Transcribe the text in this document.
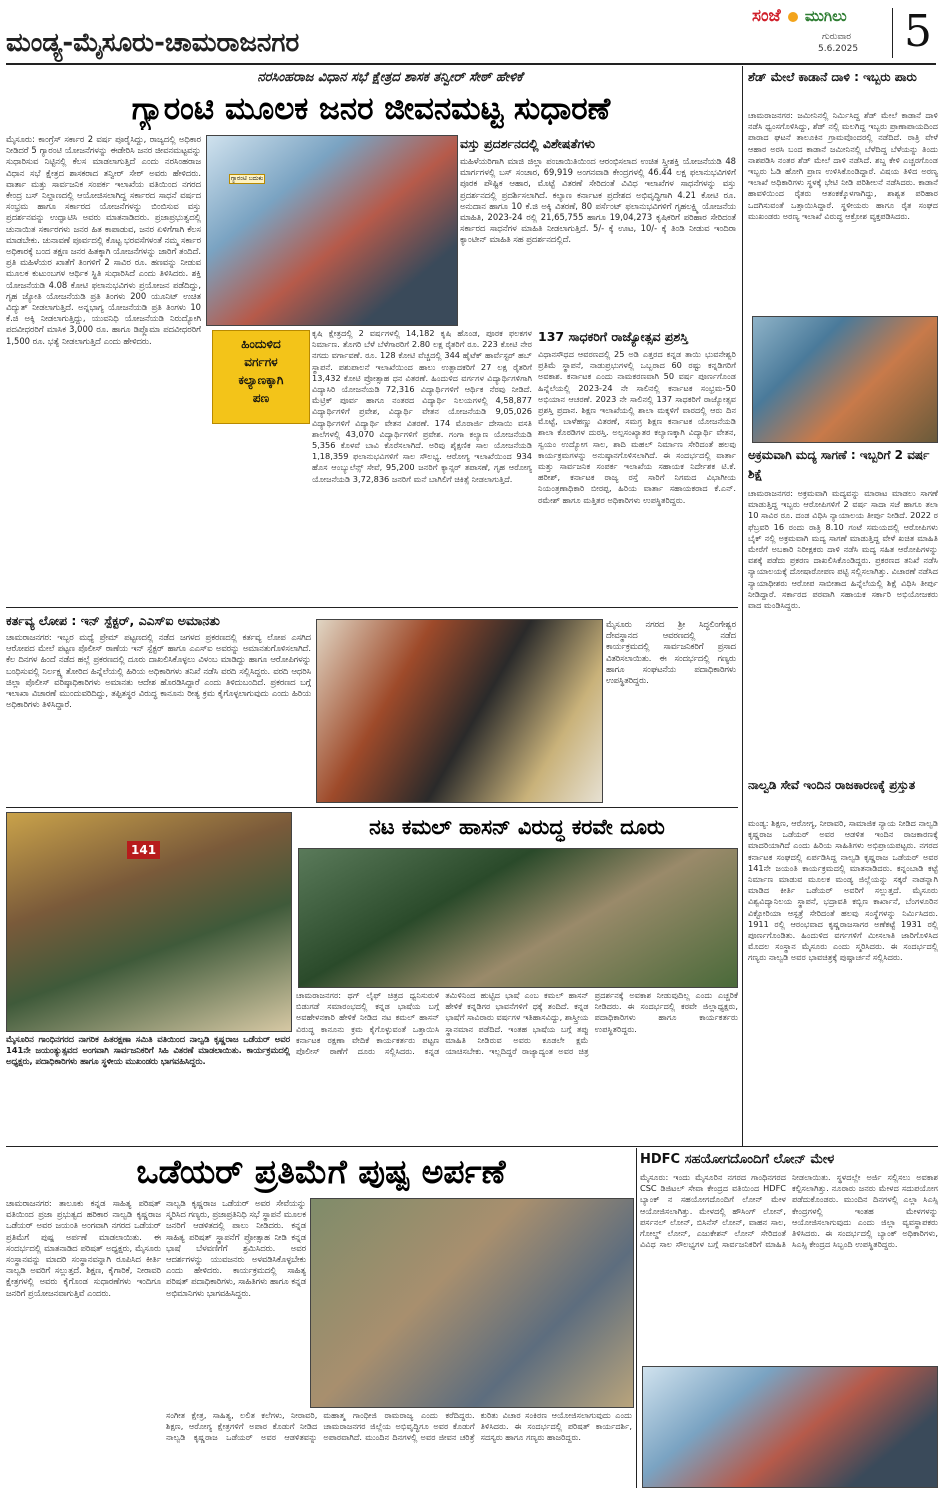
ಮಂಡ್ಯ-ಮೈಸೂರು-ಚಾಮರಾಜನಗರ
ಸಂಜೆ ಮುಗಿಲು
ಗುರುವಾರ
5.6.2025 5
ನರಸಿಂಹರಾಜ ವಿಧಾನ ಸಭೆ ಕ್ಷೇತ್ರದ ಶಾಸಕ ತನ್ವೀರ್ ಸೇಠ್ ಹೇಳಿಕೆ
ಗ್ಯಾರಂಟಿ ಮೂಲಕ ಜನರ ಜೀವನಮಟ್ಟ ಸುಧಾರಣೆ
ಮೈಸೂರು: ಕಾಂಗ್ರೆಸ್ ಸರ್ಕಾರ 2 ವರ್ಷ ಪೂರೈಸಿದ್ದು, ರಾಜ್ಯದಲ್ಲಿ ಅಧಿಕಾರ ನೀಡಿದರೆ 5 ಗ್ಯಾರಂಟಿ ಯೋಜನೆಗಳನ್ನು ಈಡೇರಿಸಿ ಜನರ ಜೀವನಮಟ್ಟವನ್ನು ಸುಧಾರಿಸುವ ನಿಟ್ಟಿನಲ್ಲಿ ಕೆಲಸ ಮಾಡಲಾಗುತ್ತಿದೆ ಎಂದು ನರಸಿಂಹರಾಜ ವಿಧಾನ ಸಭೆ ಕ್ಷೇತ್ರದ ಶಾಸಕರಾದ ತನ್ವೀರ್ ಸೇಠ್ ಅವರು ಹೇಳಿದರು. ವಾರ್ತಾ ಮತ್ತು ಸಾರ್ವಜನಿಕ ಸಂಪರ್ಕ ಇಲಾಖೆಯ ವತಿಯಿಂದ ನಗರದ ಕೇಂದ್ರ ಬಸ್ ನಿಲ್ದಾಣದಲ್ಲಿ ಆಯೋಜಿಸಲಾಗಿದ್ದ ಸರ್ಕಾರದ ಸಾಧನೆ ವರ್ಷದ ಸಂಭ್ರಮ ಹಾಗೂ ಸರ್ಕಾರದ ಯೋಜನೆಗಳನ್ನು ಬಿಂಬಿಸುವ ವಸ್ತು ಪ್ರದರ್ಶನವನ್ನು ಉದ್ಘಾಟಿಸಿ ಅವರು ಮಾತನಾಡಿದರು. ಪ್ರಜಾಪ್ರಭುತ್ವದಲ್ಲಿ ಚುನಾಯಿತ ಸರ್ಕಾರಗಳು ಜನರ ಹಿತ ಕಾಪಾಡುವ, ಜನರ ಏಳಿಗೆಗಾಗಿ ಕೆಲಸ ಮಾಡಬೇಕು. ಚುನಾವಣೆ ಪೂರ್ವದಲ್ಲಿ ಕೊಟ್ಟ ಭರವಸೆಗಳಂತೆ ನಮ್ಮ ಸರ್ಕಾರ ಅಧಿಕಾರಕ್ಕೆ ಬಂದ ತಕ್ಷಣ ಜನರ ಹಿತಕ್ಕಾಗಿ ಯೋಜನೆಗಳನ್ನು ಜಾರಿಗೆ ತಂದಿದೆ. ಪ್ರತಿ ಮಹಿಳೆಯರ ಖಾತೆಗೆ ತಿಂಗಳಿಗೆ 2 ಸಾವಿರ ರೂ. ಹಣವನ್ನು ನೀಡುವ ಮೂಲಕ ಕುಟುಂಬಗಳ ಆರ್ಥಿಕ ಸ್ಥಿತಿ ಸುಧಾರಿಸಿದೆ ಎಂದು ತಿಳಿಸಿದರು. ಶಕ್ತಿ ಯೋಜನೆಯಡಿ 4.08 ಕೋಟಿ ಫಲಾನುಭವಿಗಳು ಪ್ರಯೋಜನ ಪಡೆದಿದ್ದು, ಗೃಹ ಜ್ಯೋತಿ ಯೋಜನೆಯಡಿ ಪ್ರತಿ ತಿಂಗಳು 200 ಯೂನಿಟ್ ಉಚಿತ ವಿದ್ಯುತ್ ನೀಡಲಾಗುತ್ತಿದೆ. ಅನ್ನಭಾಗ್ಯ ಯೋಜನೆಯಡಿ ಪ್ರತಿ ತಿಂಗಳು 10 ಕೆ.ಜಿ ಅಕ್ಕಿ ನೀಡಲಾಗುತ್ತಿದ್ದು, ಯುವನಿಧಿ ಯೋಜನೆಯಡಿ ನಿರುದ್ಯೋಗಿ ಪದವೀಧರರಿಗೆ ಮಾಸಿಕ 3,000 ರೂ. ಹಾಗೂ ಡಿಪ್ಲೊಮಾ ಪದವೀಧರರಿಗೆ 1,500 ರೂ. ಭತ್ಯೆ ನೀಡಲಾಗುತ್ತಿದೆ ಎಂದು ಹೇಳಿದರು.
ಗ್ಯಾರಂಟಿ ಬದುಕು
ವಸ್ತು ಪ್ರದರ್ಶನದಲ್ಲಿ ವಿಶೇಷತೆಗಳು
ಮಹಿಳೆಯರಿಗಾಗಿ ಮಾಜಿ ಜಿಲ್ಲಾ ಪಂಚಾಯಿತಿಯಿಂದ ಆರಂಭಿಸಲಾದ ಉಚಿತ ಸ್ತ್ರೀಶಕ್ತಿ ಯೋಜನೆಯಡಿ 48 ಮಾರ್ಗಗಳಲ್ಲಿ ಬಸ್ ಸಂಚಾರ, 69,919 ಅಂಗನವಾಡಿ ಕೇಂದ್ರಗಳಲ್ಲಿ 46.44 ಲಕ್ಷ ಫಲಾನುಭವಿಗಳಿಗೆ ಪೂರಕ ಪೌಷ್ಟಿಕ ಆಹಾರ, ಮೊಟ್ಟೆ ವಿತರಣೆ ಸೇರಿದಂತೆ ವಿವಿಧ ಇಲಾಖೆಗಳ ಸಾಧನೆಗಳನ್ನು ವಸ್ತು ಪ್ರದರ್ಶನದಲ್ಲಿ ಪ್ರದರ್ಶಿಸಲಾಗಿದೆ. ಕಲ್ಯಾಣ ಕರ್ನಾಟಕ ಪ್ರದೇಶದ ಅಭಿವೃದ್ಧಿಗಾಗಿ 4.21 ಕೋಟಿ ರೂ. ಅನುದಾನ ಹಾಗೂ 10 ಕೆ.ಜಿ ಅಕ್ಕಿ ವಿತರಣೆ, 80 ಪರ್ಸೆಂಟ್ ಫಲಾನುಭವಿಗಳಿಗೆ ಗೃಹಲಕ್ಷ್ಮಿ ಯೋಜನೆಯ ಮಾಹಿತಿ, 2023-24 ರಲ್ಲಿ 21,65,755 ಹಾಗೂ 19,04,273 ಕೃಷಿಕರಿಗೆ ಪರಿಹಾರ ಸೇರಿದಂತೆ ಸರ್ಕಾರದ ಸಾಧನೆಗಳ ಮಾಹಿತಿ ನೀಡಲಾಗುತ್ತಿದೆ. 5/- ಕ್ಕೆ ಊಟ, 10/- ಕ್ಕೆ ತಿಂಡಿ ನೀಡುವ ಇಂದಿರಾ ಕ್ಯಾಂಟೀನ್ ಮಾಹಿತಿ ಸಹ ಪ್ರದರ್ಶನದಲ್ಲಿದೆ.
ಹಿಂದುಳಿದ
ವರ್ಗಗಳ
ಕಲ್ಯಾಣಕ್ಕಾಗಿ
ಪಣ
ಕೃಷಿ ಕ್ಷೇತ್ರದಲ್ಲಿ 2 ವರ್ಷಗಳಲ್ಲಿ 14,182 ಕೃಷಿ ಹೊಂಡ, ಪೂರಕ ಫಲಕಗಳ ನಿರ್ಮಾಣ. ತೊಗರಿ ಬೆಳೆ ಬೆಳೆಗಾರರಿಗೆ 2.80 ಲಕ್ಷ ರೈತರಿಗೆ ರೂ. 223 ಕೋಟಿ ನೇರ ನಗದು ವರ್ಗಾವಣೆ. ರೂ. 128 ಕೋಟಿ ವೆಚ್ಚದಲ್ಲಿ 344 ಹೈಟೆಕ್ ಹಾರ್ವೆಸ್ಟರ್ ಹಬ್ ಸ್ಥಾಪನೆ. ಪಶುಪಾಲನೆ ಇಲಾಖೆಯಿಂದ ಹಾಲು ಉತ್ಪಾದಕರಿಗೆ 27 ಲಕ್ಷ ರೈತರಿಗೆ 13,432 ಕೋಟಿ ಪ್ರೋತ್ಸಾಹ ಧನ ವಿತರಣೆ. ಹಿಂದುಳಿದ ವರ್ಗಗಳ ವಿದ್ಯಾರ್ಥಿಗಳಿಗಾಗಿ ವಿದ್ಯಾಸಿರಿ ಯೋಜನೆಯಡಿ 72,316 ವಿದ್ಯಾರ್ಥಿಗಳಿಗೆ ಆರ್ಥಿಕ ನೆರವು ನೀಡಿದೆ. ಮೆಟ್ರಿಕ್ ಪೂರ್ವ ಹಾಗೂ ನಂತರದ ವಿದ್ಯಾರ್ಥಿ ನಿಲಯಗಳಲ್ಲಿ 4,58,877 ವಿದ್ಯಾರ್ಥಿಗಳಿಗೆ ಪ್ರವೇಶ, ವಿದ್ಯಾರ್ಥಿ ವೇತನ ಯೋಜನೆಯಡಿ 9,05,026 ವಿದ್ಯಾರ್ಥಿಗಳಿಗೆ ವಿದ್ಯಾರ್ಥಿ ವೇತನ ವಿತರಣೆ. 174 ಮೊರಾರ್ಜಿ ದೇಸಾಯಿ ವಸತಿ ಶಾಲೆಗಳಲ್ಲಿ 43,070 ವಿದ್ಯಾರ್ಥಿಗಳಿಗೆ ಪ್ರವೇಶ. ಗಂಗಾ ಕಲ್ಯಾಣ ಯೋಜನೆಯಡಿ 5,356 ಕೊಳವೆ ಬಾವಿ ಕೊರೆಸಲಾಗಿದೆ. ಅರಿವು ಶೈಕ್ಷಣಿಕ ಸಾಲ ಯೋಜನೆಯಡಿ 1,18,359 ಫಲಾನುಭವಿಗಳಿಗೆ ಸಾಲ ಸೌಲಭ್ಯ. ಆರೋಗ್ಯ ಇಲಾಖೆಯಿಂದ 934 ಹೊಸ ಆಂಬ್ಯುಲೆನ್ಸ್ ಸೇವೆ, 95,200 ಜನರಿಗೆ ಕ್ಯಾನ್ಸರ್ ತಪಾಸಣೆ, ಗೃಹ ಆರೋಗ್ಯ ಯೋಜನೆಯಡಿ 3,72,836 ಜನರಿಗೆ ಮನೆ ಬಾಗಿಲಿಗೆ ಚಿಕಿತ್ಸೆ ನೀಡಲಾಗುತ್ತಿದೆ.
137 ಸಾಧಕರಿಗೆ ರಾಜ್ಯೋತ್ಸವ ಪ್ರಶಸ್ತಿ
ವಿಧಾನಸೌಧದ ಆವರಣದಲ್ಲಿ 25 ಅಡಿ ಎತ್ತರದ ಕನ್ನಡ ತಾಯಿ ಭುವನೇಶ್ವರಿ ಪ್ರತಿಮೆ ಸ್ಥಾಪನೆ, ನಾಡುಪ್ರಭುಗಳಲ್ಲಿ ಒಬ್ಬರಾದ 60 ರಷ್ಟು ಕನ್ನಡಿಗರಿಗೆ ಅವಕಾಶ. ಕರ್ನಾಟಕ ಎಂದು ನಾಮಕರಣವಾಗಿ 50 ವರ್ಷ ಪೂರ್ಣಗೊಂಡ ಹಿನ್ನೆಲೆಯಲ್ಲಿ 2023-24 ನೇ ಸಾಲಿನಲ್ಲಿ ಕರ್ನಾಟಕ ಸಂಭ್ರಮ-50 ಅಭಿಯಾನ ಆಚರಣೆ. 2023 ನೇ ಸಾಲಿನಲ್ಲಿ 137 ಸಾಧಕರಿಗೆ ರಾಜ್ಯೋತ್ಸವ ಪ್ರಶಸ್ತಿ ಪ್ರದಾನ. ಶಿಕ್ಷಣ ಇಲಾಖೆಯಲ್ಲಿ ಶಾಲಾ ಮಕ್ಕಳಿಗೆ ವಾರದಲ್ಲಿ ಆರು ದಿನ ಮೊಟ್ಟೆ, ಬಾಳೆಹಣ್ಣು ವಿತರಣೆ, ಸಮಗ್ರ ಶಿಕ್ಷಣ ಕರ್ನಾಟಕ ಯೋಜನೆಯಡಿ ಶಾಲಾ ಕೊಠಡಿಗಳ ದುರಸ್ತಿ. ಅಲ್ಪಸಂಖ್ಯಾತರ ಕಲ್ಯಾಣಕ್ಕಾಗಿ ವಿದ್ಯಾರ್ಥಿ ವೇತನ, ಸ್ವಯಂ ಉದ್ಯೋಗ ಸಾಲ, ಶಾದಿ ಮಹಲ್ ನಿರ್ಮಾಣ ಸೇರಿದಂತೆ ಹಲವು ಕಾರ್ಯಕ್ರಮಗಳನ್ನು ಅನುಷ್ಠಾನಗೊಳಿಸಲಾಗಿದೆ. ಈ ಸಂದರ್ಭದಲ್ಲಿ ವಾರ್ತಾ ಮತ್ತು ಸಾರ್ವಜನಿಕ ಸಂಪರ್ಕ ಇಲಾಖೆಯ ಸಹಾಯಕ ನಿರ್ದೇಶಕ ಟಿ.ಕೆ. ಹರೀಶ್, ಕರ್ನಾಟಕ ರಾಜ್ಯ ರಸ್ತೆ ಸಾರಿಗೆ ನಿಗಮದ ವಿಭಾಗೀಯ ನಿಯಂತ್ರಣಾಧಿಕಾರಿ ಬೀರಪ್ಪ, ಹಿರಿಯ ವಾರ್ತಾ ಸಹಾಯಕರಾದ ಕೆ.ಎನ್. ರಮೇಶ್ ಹಾಗೂ ಮತ್ತಿತರ ಅಧಿಕಾರಿಗಳು ಉಪಸ್ಥಿತರಿದ್ದರು.
ಕರ್ತವ್ಯ ಲೋಪ : ಇನ್ ಸ್ಪೆಕ್ಟರ್, ಎಎಸ್ಐ ಅಮಾನತು
ಚಾಮರಾಜನಗರ: ಇಬ್ಬರ ಮಧ್ಯೆ ಪ್ರೇಮ್ ಪಟ್ಟಣದಲ್ಲಿ ನಡೆದ ಜಗಳದ ಪ್ರಕರಣದಲ್ಲಿ ಕರ್ತವ್ಯ ಲೋಪ ಎಸಗಿದ ಆರೋಪದ ಮೇಲೆ ಪಟ್ಟಣ ಪೊಲೀಸ್ ಠಾಣೆಯ ಇನ್ ಸ್ಪೆಕ್ಟರ್ ಹಾಗೂ ಎಎಸ್ಐ ಅವರನ್ನು ಅಮಾನತುಗೊಳಿಸಲಾಗಿದೆ. ಕೆಲ ದಿನಗಳ ಹಿಂದೆ ನಡೆದ ಹಲ್ಲೆ ಪ್ರಕರಣದಲ್ಲಿ ದೂರು ದಾಖಲಿಸಿಕೊಳ್ಳಲು ವಿಳಂಬ ಮಾಡಿದ್ದು ಹಾಗೂ ಆರೋಪಿಗಳನ್ನು ಬಂಧಿಸುವಲ್ಲಿ ನಿರ್ಲಕ್ಷ್ಯ ತೋರಿದ ಹಿನ್ನೆಲೆಯಲ್ಲಿ ಹಿರಿಯ ಅಧಿಕಾರಿಗಳು ತನಿಖೆ ನಡೆಸಿ ವರದಿ ಸಲ್ಲಿಸಿದ್ದರು. ವರದಿ ಆಧರಿಸಿ ಜಿಲ್ಲಾ ಪೊಲೀಸ್ ವರಿಷ್ಠಾಧಿಕಾರಿಗಳು ಅಮಾನತು ಆದೇಶ ಹೊರಡಿಸಿದ್ದಾರೆ ಎಂದು ತಿಳಿದುಬಂದಿದೆ. ಪ್ರಕರಣದ ಬಗ್ಗೆ ಇಲಾಖಾ ವಿಚಾರಣೆ ಮುಂದುವರಿದಿದ್ದು, ತಪ್ಪಿತಸ್ಥರ ವಿರುದ್ಧ ಕಾನೂನು ರೀತ್ಯ ಕ್ರಮ ಕೈಗೊಳ್ಳಲಾಗುವುದು ಎಂದು ಹಿರಿಯ ಅಧಿಕಾರಿಗಳು ತಿಳಿಸಿದ್ದಾರೆ.
ಮೈಸೂರು ನಗರದ ಶ್ರೀ ಸಿದ್ಧಲಿಂಗೇಶ್ವರ ದೇವಸ್ಥಾನದ ಆವರಣದಲ್ಲಿ ನಡೆದ ಕಾರ್ಯಕ್ರಮದಲ್ಲಿ ಸಾರ್ವಜನಿಕರಿಗೆ ಪ್ರಸಾದ ವಿತರಿಸಲಾಯಿತು. ಈ ಸಂದರ್ಭದಲ್ಲಿ ಗಣ್ಯರು ಹಾಗೂ ಸಂಘಟನೆಯ ಪದಾಧಿಕಾರಿಗಳು ಉಪಸ್ಥಿತರಿದ್ದರು.
ಶೆಡ್ ಮೇಲೆ ಕಾಡಾನೆ ದಾಳಿ : ಇಬ್ಬರು ಪಾರು
ಚಾಮರಾಜನಗರ: ಜಮೀನಿನಲ್ಲಿ ನಿರ್ಮಿಸಿದ್ದ ಶೆಡ್ ಮೇಲೆ ಕಾಡಾನೆ ದಾಳಿ ನಡೆಸಿ ಧ್ವಂಸಗೊಳಿಸಿದ್ದು, ಶೆಡ್ ನಲ್ಲಿ ಮಲಗಿದ್ದ ಇಬ್ಬರು ಪ್ರಾಣಾಪಾಯದಿಂದ ಪಾರಾದ ಘಟನೆ ತಾಲೂಕಿನ ಗ್ರಾಮವೊಂದರಲ್ಲಿ ನಡೆದಿದೆ. ರಾತ್ರಿ ವೇಳೆ ಆಹಾರ ಅರಸಿ ಬಂದ ಕಾಡಾನೆ ಜಮೀನಿನಲ್ಲಿ ಬೆಳೆದಿದ್ದ ಬೆಳೆಯನ್ನು ತಿಂದು ನಾಶಪಡಿಸಿ ನಂತರ ಶೆಡ್ ಮೇಲೆ ದಾಳಿ ನಡೆಸಿದೆ. ಶಬ್ದ ಕೇಳಿ ಎಚ್ಚರಗೊಂಡ ಇಬ್ಬರು ಓಡಿ ಹೋಗಿ ಪ್ರಾಣ ಉಳಿಸಿಕೊಂಡಿದ್ದಾರೆ. ವಿಷಯ ತಿಳಿದ ಅರಣ್ಯ ಇಲಾಖೆ ಅಧಿಕಾರಿಗಳು ಸ್ಥಳಕ್ಕೆ ಭೇಟಿ ನೀಡಿ ಪರಿಶೀಲನೆ ನಡೆಸಿದರು. ಕಾಡಾನೆ ಹಾವಳಿಯಿಂದ ರೈತರು ಆತಂಕಕ್ಕೊಳಗಾಗಿದ್ದು, ಶಾಶ್ವತ ಪರಿಹಾರ ಒದಗಿಸುವಂತೆ ಒತ್ತಾಯಿಸಿದ್ದಾರೆ. ಸ್ಥಳೀಯರು ಹಾಗೂ ರೈತ ಸಂಘದ ಮುಖಂಡರು ಅರಣ್ಯ ಇಲಾಖೆ ವಿರುದ್ಧ ಆಕ್ರೋಶ ವ್ಯಕ್ತಪಡಿಸಿದರು.
ಅಕ್ರಮವಾಗಿ ಮದ್ಯ ಸಾಗಣೆ : ಇಬ್ಬರಿಗೆ 2 ವರ್ಷ ಶಿಕ್ಷೆ
ಚಾಮರಾಜನಗರ: ಅಕ್ರಮವಾಗಿ ಮದ್ಯವನ್ನು ಮಾರಾಟ ಮಾಡಲು ಸಾಗಣೆ ಮಾಡುತ್ತಿದ್ದ ಇಬ್ಬರು ಆರೋಪಿಗಳಿಗೆ 2 ವರ್ಷ ಸಾದಾ ಸಜೆ ಹಾಗೂ ತಲಾ 10 ಸಾವಿರ ರೂ. ದಂಡ ವಿಧಿಸಿ ನ್ಯಾಯಾಲಯ ತೀರ್ಪು ನೀಡಿದೆ. 2022 ರ ಫೆಬ್ರವರಿ 16 ರಂದು ರಾತ್ರಿ 8.10 ಗಂಟೆ ಸಮಯದಲ್ಲಿ ಆರೋಪಿಗಳು ಬೈಕ್ ನಲ್ಲಿ ಅಕ್ರಮವಾಗಿ ಮದ್ಯ ಸಾಗಣೆ ಮಾಡುತ್ತಿದ್ದ ವೇಳೆ ಖಚಿತ ಮಾಹಿತಿ ಮೇರೆಗೆ ಅಬಕಾರಿ ನಿರೀಕ್ಷಕರು ದಾಳಿ ನಡೆಸಿ ಮದ್ಯ ಸಹಿತ ಆರೋಪಿಗಳನ್ನು ವಶಕ್ಕೆ ಪಡೆದು ಪ್ರಕರಣ ದಾಖಲಿಸಿಕೊಂಡಿದ್ದರು. ಪ್ರಕರಣದ ತನಿಖೆ ನಡೆಸಿ ನ್ಯಾಯಾಲಯಕ್ಕೆ ದೋಷಾರೋಪಣ ಪಟ್ಟಿ ಸಲ್ಲಿಸಲಾಗಿತ್ತು. ವಿಚಾರಣೆ ನಡೆಸಿದ ನ್ಯಾಯಾಧೀಶರು ಆರೋಪ ಸಾಬೀತಾದ ಹಿನ್ನೆಲೆಯಲ್ಲಿ ಶಿಕ್ಷೆ ವಿಧಿಸಿ ತೀರ್ಪು ನೀಡಿದ್ದಾರೆ. ಸರ್ಕಾರದ ಪರವಾಗಿ ಸಹಾಯಕ ಸರ್ಕಾರಿ ಅಭಿಯೋಜಕರು ವಾದ ಮಂಡಿಸಿದ್ದರು.
ನಾಲ್ವಡಿ ಸೇವೆ ಇಂದಿನ ರಾಜಕಾರಣಕ್ಕೆ ಪ್ರಸ್ತುತ
ಮಂಡ್ಯ: ಶಿಕ್ಷಣ, ಆರೋಗ್ಯ, ನೀರಾವರಿ, ಸಾಮಾಜಿಕ ನ್ಯಾಯ ನೀಡಿದ ನಾಲ್ವಡಿ ಕೃಷ್ಣರಾಜ ಒಡೆಯರ್ ಅವರ ಆಡಳಿತ ಇಂದಿನ ರಾಜಕಾರಣಕ್ಕೆ ಮಾದರಿಯಾಗಿದೆ ಎಂದು ಹಿರಿಯ ಸಾಹಿತಿಗಳು ಅಭಿಪ್ರಾಯಪಟ್ಟರು. ನಗರದ ಕರ್ನಾಟಕ ಸಂಘದಲ್ಲಿ ಏರ್ಪಡಿಸಿದ್ದ ನಾಲ್ವಡಿ ಕೃಷ್ಣರಾಜ ಒಡೆಯರ್ ಅವರ 141ನೇ ಜಯಂತಿ ಕಾರ್ಯಕ್ರಮದಲ್ಲಿ ಮಾತನಾಡಿದರು. ಕನ್ನಂಬಾಡಿ ಕಟ್ಟೆ ನಿರ್ಮಾಣ ಮಾಡುವ ಮೂಲಕ ಮಂಡ್ಯ ಜಿಲ್ಲೆಯನ್ನು ಸಕ್ಕರೆ ನಾಡನ್ನಾಗಿ ಮಾಡಿದ ಕೀರ್ತಿ ಒಡೆಯರ್ ಅವರಿಗೆ ಸಲ್ಲುತ್ತದೆ. ಮೈಸೂರು ವಿಶ್ವವಿದ್ಯಾನಿಲಯ ಸ್ಥಾಪನೆ, ಭದ್ರಾವತಿ ಕಬ್ಬಿಣ ಕಾರ್ಖಾನೆ, ಬೆಂಗಳೂರಿನ ವಿಕ್ಟೋರಿಯಾ ಆಸ್ಪತ್ರೆ ಸೇರಿದಂತೆ ಹಲವು ಸಂಸ್ಥೆಗಳನ್ನು ನಿರ್ಮಿಸಿದರು. 1911 ರಲ್ಲಿ ಆರಂಭವಾದ ಕೃಷ್ಣರಾಜಸಾಗರ ಅಣೆಕಟ್ಟೆ 1931 ರಲ್ಲಿ ಪೂರ್ಣಗೊಂಡಿತು. ಹಿಂದುಳಿದ ವರ್ಗಗಳಿಗೆ ಮೀಸಲಾತಿ ಜಾರಿಗೊಳಿಸಿದ ಮೊದಲ ಸಂಸ್ಥಾನ ಮೈಸೂರು ಎಂದು ಸ್ಮರಿಸಿದರು. ಈ ಸಂದರ್ಭದಲ್ಲಿ ಗಣ್ಯರು ನಾಲ್ವಡಿ ಅವರ ಭಾವಚಿತ್ರಕ್ಕೆ ಪುಷ್ಪಾರ್ಚನೆ ಸಲ್ಲಿಸಿದರು.
141
ಮೈಸೂರಿನ ಗಾಂಧಿನಗರದ ನಾಗರಿಕ ಹಿತರಕ್ಷಣಾ ಸಮಿತಿ ವತಿಯಿಂದ ನಾಲ್ವಡಿ ಕೃಷ್ಣರಾಜ ಒಡೆಯರ್ ಅವರ 141ನೇ ಜಯಂತ್ಯುತ್ಸವದ ಅಂಗವಾಗಿ ಸಾರ್ವಜನಿಕರಿಗೆ ಸಿಹಿ ವಿತರಣೆ ಮಾಡಲಾಯಿತು. ಕಾರ್ಯಕ್ರಮದಲ್ಲಿ ಅಧ್ಯಕ್ಷರು, ಪದಾಧಿಕಾರಿಗಳು ಹಾಗೂ ಸ್ಥಳೀಯ ಮುಖಂಡರು ಭಾಗವಹಿಸಿದ್ದರು.
ನಟ ಕಮಲ್ ಹಾಸನ್ ವಿರುದ್ಧ ಕರವೇ ದೂರು
ಚಾಮರಾಜನಗರ: ಥಗ್ ಲೈಫ್ ಚಿತ್ರದ ಧ್ವನಿಸುರುಳಿ ಬಿಡುಗಡೆ ಸಮಾರಂಭದಲ್ಲಿ ಕನ್ನಡ ಭಾಷೆಯ ಬಗ್ಗೆ ಅವಹೇಳನಕಾರಿ ಹೇಳಿಕೆ ನೀಡಿದ ನಟ ಕಮಲ್ ಹಾಸನ್ ವಿರುದ್ಧ ಕಾನೂನು ಕ್ರಮ ಕೈಗೊಳ್ಳುವಂತೆ ಒತ್ತಾಯಿಸಿ ಕರ್ನಾಟಕ ರಕ್ಷಣಾ ವೇದಿಕೆ ಕಾರ್ಯಕರ್ತರು ಪಟ್ಟಣ ಪೊಲೀಸ್ ಠಾಣೆಗೆ ದೂರು ಸಲ್ಲಿಸಿದರು. ಕನ್ನಡ ತಮಿಳಿನಿಂದ ಹುಟ್ಟಿದ ಭಾಷೆ ಎಂಬ ಕಮಲ್ ಹಾಸನ್ ಹೇಳಿಕೆ ಕನ್ನಡಿಗರ ಭಾವನೆಗಳಿಗೆ ಧಕ್ಕೆ ತಂದಿದೆ. ಕನ್ನಡ ಭಾಷೆಗೆ ಸಾವಿರಾರು ವರ್ಷಗಳ ಇತಿಹಾಸವಿದ್ದು, ಶಾಸ್ತ್ರೀಯ ಸ್ಥಾನಮಾನ ಪಡೆದಿದೆ. ಇಂತಹ ಭಾಷೆಯ ಬಗ್ಗೆ ತಪ್ಪು ಮಾಹಿತಿ ನೀಡಿರುವ ಅವರು ಕೂಡಲೇ ಕ್ಷಮೆ ಯಾಚಿಸಬೇಕು. ಇಲ್ಲದಿದ್ದರೆ ರಾಜ್ಯಾದ್ಯಂತ ಅವರ ಚಿತ್ರ ಪ್ರದರ್ಶನಕ್ಕೆ ಅವಕಾಶ ನೀಡುವುದಿಲ್ಲ ಎಂದು ಎಚ್ಚರಿಕೆ ನೀಡಿದರು. ಈ ಸಂದರ್ಭದಲ್ಲಿ ಕರವೇ ಜಿಲ್ಲಾಧ್ಯಕ್ಷರು, ಪದಾಧಿಕಾರಿಗಳು ಹಾಗೂ ಕಾರ್ಯಕರ್ತರು ಉಪಸ್ಥಿತರಿದ್ದರು.
ಒಡೆಯರ್ ಪ್ರತಿಮೆಗೆ ಪುಷ್ಪ ಅರ್ಪಣೆ
ಚಾಮರಾಜನಗರ: ತಾಲೂಕು ಕನ್ನಡ ಸಾಹಿತ್ಯ ಪರಿಷತ್ ವತಿಯಿಂದ ಪ್ರಜಾ ಪ್ರಭುತ್ವದ ಹರಿಕಾರ ನಾಲ್ವಡಿ ಕೃಷ್ಣರಾಜ ಒಡೆಯರ್ ಅವರ ಜಯಂತಿ ಅಂಗವಾಗಿ ನಗರದ ಒಡೆಯರ್ ಪ್ರತಿಮೆಗೆ ಪುಷ್ಪ ಅರ್ಪಣೆ ಮಾಡಲಾಯಿತು. ಈ ಸಂದರ್ಭದಲ್ಲಿ ಮಾತನಾಡಿದ ಪರಿಷತ್ ಅಧ್ಯಕ್ಷರು, ಮೈಸೂರು ಸಂಸ್ಥಾನವನ್ನು ಮಾದರಿ ಸಂಸ್ಥಾನವನ್ನಾಗಿ ರೂಪಿಸಿದ ಕೀರ್ತಿ ನಾಲ್ವಡಿ ಅವರಿಗೆ ಸಲ್ಲುತ್ತದೆ. ಶಿಕ್ಷಣ, ಕೈಗಾರಿಕೆ, ನೀರಾವರಿ ಕ್ಷೇತ್ರಗಳಲ್ಲಿ ಅವರು ಕೈಗೊಂಡ ಸುಧಾರಣೆಗಳು ಇಂದಿಗೂ ಜನರಿಗೆ ಪ್ರಯೋಜನವಾಗುತ್ತಿವೆ ಎಂದರು.
ನಾಲ್ವಡಿ ಕೃಷ್ಣರಾಜ ಒಡೆಯರ್ ಅವರ ಸೇವೆಯನ್ನು ಸ್ಮರಿಸಿದ ಗಣ್ಯರು, ಪ್ರಜಾಪ್ರತಿನಿಧಿ ಸಭೆ ಸ್ಥಾಪನೆ ಮೂಲಕ ಜನರಿಗೆ ಆಡಳಿತದಲ್ಲಿ ಪಾಲು ನೀಡಿದರು. ಕನ್ನಡ ಸಾಹಿತ್ಯ ಪರಿಷತ್ ಸ್ಥಾಪನೆಗೆ ಪ್ರೋತ್ಸಾಹ ನೀಡಿ ಕನ್ನಡ ಭಾಷೆ ಬೆಳವಣಿಗೆಗೆ ಶ್ರಮಿಸಿದರು. ಅವರ ಆದರ್ಶಗಳನ್ನು ಯುವಜನರು ಅಳವಡಿಸಿಕೊಳ್ಳಬೇಕು ಎಂದು ಹೇಳಿದರು. ಕಾರ್ಯಕ್ರಮದಲ್ಲಿ ಸಾಹಿತ್ಯ ಪರಿಷತ್ ಪದಾಧಿಕಾರಿಗಳು, ಸಾಹಿತಿಗಳು ಹಾಗೂ ಕನ್ನಡ ಅಭಿಮಾನಿಗಳು ಭಾಗವಹಿಸಿದ್ದರು.
ಸಂಗೀತ ಕ್ಷೇತ್ರ, ಸಾಹಿತ್ಯ, ಲಲಿತ ಕಲೆಗಳು, ನೀರಾವರಿ, ಶಿಕ್ಷಣ, ಆರೋಗ್ಯ ಕ್ಷೇತ್ರಗಳಿಗೆ ಅಪಾರ ಕೊಡುಗೆ ನೀಡಿದ ನಾಲ್ವಡಿ ಕೃಷ್ಣರಾಜ ಒಡೆಯರ್ ಅವರ ಆಡಳಿತವನ್ನು ಮಹಾತ್ಮ ಗಾಂಧೀಜಿ ರಾಮರಾಜ್ಯ ಎಂದು ಕರೆದಿದ್ದರು. ಚಾಮರಾಜನಗರ ಜಿಲ್ಲೆಯ ಅಭಿವೃದ್ಧಿಗೂ ಅವರ ಕೊಡುಗೆ ಅಪಾರವಾಗಿದೆ. ಮುಂದಿನ ದಿನಗಳಲ್ಲಿ ಅವರ ಜೀವನ ಚರಿತ್ರೆ ಕುರಿತು ವಿಚಾರ ಸಂಕಿರಣ ಆಯೋಜಿಸಲಾಗುವುದು ಎಂದು ತಿಳಿಸಿದರು. ಈ ಸಂದರ್ಭದಲ್ಲಿ ಪರಿಷತ್ ಕಾರ್ಯದರ್ಶಿ, ಸದಸ್ಯರು ಹಾಗೂ ಗಣ್ಯರು ಹಾಜರಿದ್ದರು.
HDFC ಸಹಯೋಗದೊಂದಿಗೆ ಲೋನ್ ಮೇಳ
ಮೈಸೂರು: ಇಂದು ಮೈಸೂರಿನ ನಗರದ ಗಾಂಧಿನಗರದ CSC ಡಿಜಿಟಲ್ ಸೇವಾ ಕೇಂದ್ರದ ವತಿಯಿಂದ HDFC ಬ್ಯಾಂಕ್ ನ ಸಹಯೋಗದೊಂದಿಗೆ ಲೋನ್ ಮೇಳ ಆಯೋಜಿಸಲಾಗಿತ್ತು. ಮೇಳದಲ್ಲಿ ಹೌಸಿಂಗ್ ಲೋನ್, ಪರ್ಸನಲ್ ಲೋನ್, ಬಿಸಿನೆಸ್ ಲೋನ್, ವಾಹನ ಸಾಲ, ಗೋಲ್ಡ್ ಲೋನ್, ಎಜುಕೇಶನ್ ಲೋನ್ ಸೇರಿದಂತೆ ವಿವಿಧ ಸಾಲ ಸೌಲಭ್ಯಗಳ ಬಗ್ಗೆ ಸಾರ್ವಜನಿಕರಿಗೆ ಮಾಹಿತಿ ನೀಡಲಾಯಿತು. ಸ್ಥಳದಲ್ಲೇ ಅರ್ಜಿ ಸಲ್ಲಿಸಲು ಅವಕಾಶ ಕಲ್ಪಿಸಲಾಗಿತ್ತು. ನೂರಾರು ಜನರು ಮೇಳದ ಸದುಪಯೋಗ ಪಡೆದುಕೊಂಡರು. ಮುಂದಿನ ದಿನಗಳಲ್ಲಿ ಎಲ್ಲಾ ಸಿಎಸ್ಸಿ ಕೇಂದ್ರಗಳಲ್ಲಿ ಇಂತಹ ಮೇಳಗಳನ್ನು ಆಯೋಜಿಸಲಾಗುವುದು ಎಂದು ಜಿಲ್ಲಾ ವ್ಯವಸ್ಥಾಪಕರು ತಿಳಿಸಿದರು. ಈ ಸಂದರ್ಭದಲ್ಲಿ ಬ್ಯಾಂಕ್ ಅಧಿಕಾರಿಗಳು, ಸಿಎಸ್ಸಿ ಕೇಂದ್ರದ ಸಿಬ್ಬಂದಿ ಉಪಸ್ಥಿತರಿದ್ದರು.
